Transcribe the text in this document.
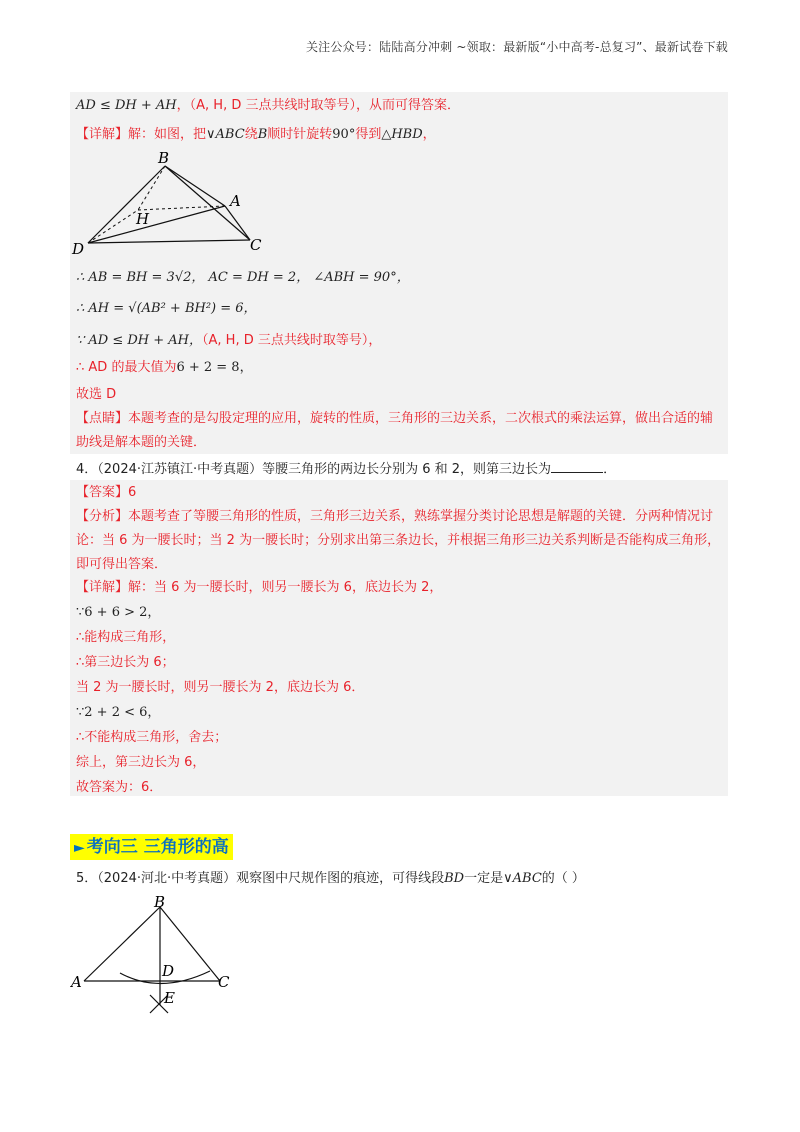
关注公众号：陆陆高分冲刺 ~领取：最新版“小中高考-总复习”、最新试卷下载
AD ≤ DH + AH，（A, H, D 三点共线时取等号），从而可得答案．
【详解】解：如图，把∨ABC绕B顺时针旋转90°得到△HBD，
B
A
H
D	C
∴ AB = BH = 3√2， AC = DH = 2， ∠ABH = 90°，
∴ AH = √(AB² + BH²) = 6，
∵ AD ≤ DH + AH，（A, H, D 三点共线时取等号），
∴ AD 的最大值为6 + 2 = 8，
故选 D
【点睛】本题考查的是勾股定理的应用，旋转的性质，三角形的三边关系，二次根式的乘法运算，做出合适的辅助线是解本题的关键．
4．（2024·江苏镇江·中考真题）等腰三角形的两边长分别为 6 和 2，则第三边长为	．
【答案】6
【分析】本题考查了等腰三角形的性质，三角形三边关系，熟练掌握分类讨论思想是解题的关键．分两种情况讨论：当 6 为一腰长时；当 2 为一腰长时；分别求出第三条边长，并根据三角形三边关系判断是否能构成三角形，即可得出答案．
【详解】解：当 6 为一腰长时，则另一腰长为 6，底边长为 2，
∵6 + 6 > 2，
∴能构成三角形，
∴第三边长为 6；
当 2 为一腰长时，则另一腰长为 2，底边长为 6．
∵2 + 2 < 6，
∴不能构成三角形，舍去；
综上，第三边长为 6，
故答案为：6．
► 考向三 三角形的高
5．（2024·河北·中考真题）观察图中尺规作图的痕迹，可得线段BD一定是∨ABC的（ ）
B
A	C
D
E
